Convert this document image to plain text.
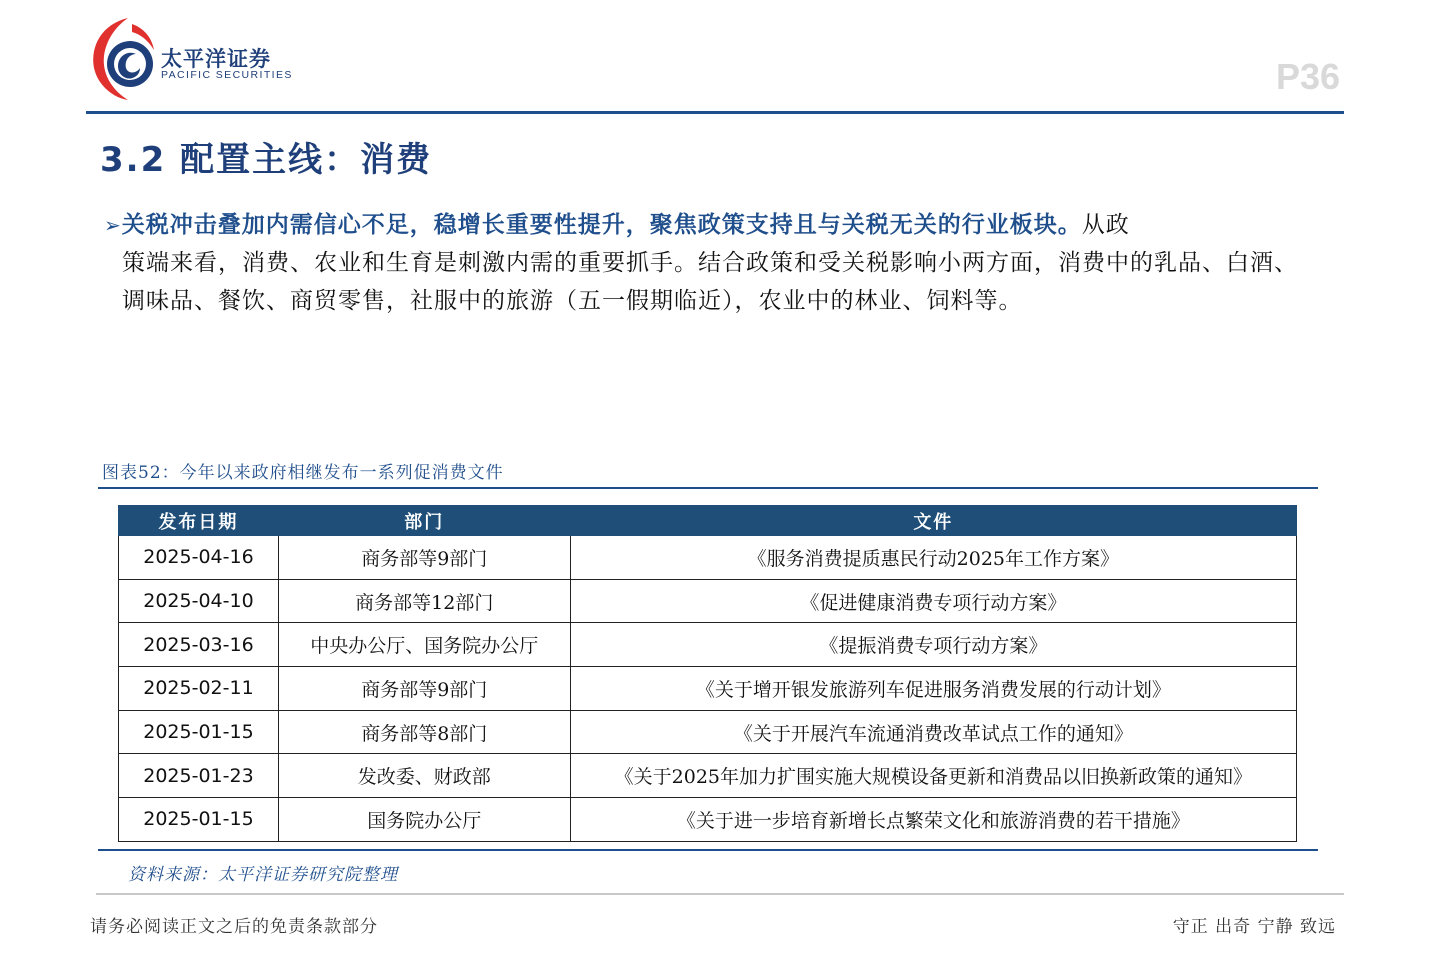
太平洋证券
PACIFIC SECURITIES	P36
3.2 配置主线：消费
➢关税冲击叠加内需信心不足，稳增长重要性提升，聚焦政策支持且与关税无关的行业板块。从政
策端来看，消费、农业和生育是刺激内需的重要抓手。结合政策和受关税影响小两方面，消费中的乳品、白酒、调味品、餐饮、商贸零售，社服中的旅游（五一假期临近），农业中的林业、饲料等。
图表52：今年以来政府相继发布一系列促消费文件
发布日期	部门	文件
2025-04-16	商务部等9部门	《服务消费提质惠民行动2025年工作方案》
2025-04-10	商务部等12部门	《促进健康消费专项行动方案》
2025-03-16	中央办公厅、国务院办公厅	《提振消费专项行动方案》
2025-02-11	商务部等9部门	《关于增开银发旅游列车促进服务消费发展的行动计划》
2025-01-15	商务部等8部门	《关于开展汽车流通消费改革试点工作的通知》
2025-01-23	发改委、财政部	《关于2025年加力扩围实施大规模设备更新和消费品以旧换新政策的通知》
2025-01-15	国务院办公厅	《关于进一步培育新增长点繁荣文化和旅游消费的若干措施》
资料来源：太平洋证券研究院整理
请务必阅读正文之后的免责条款部分	守正 出奇 宁静 致远
